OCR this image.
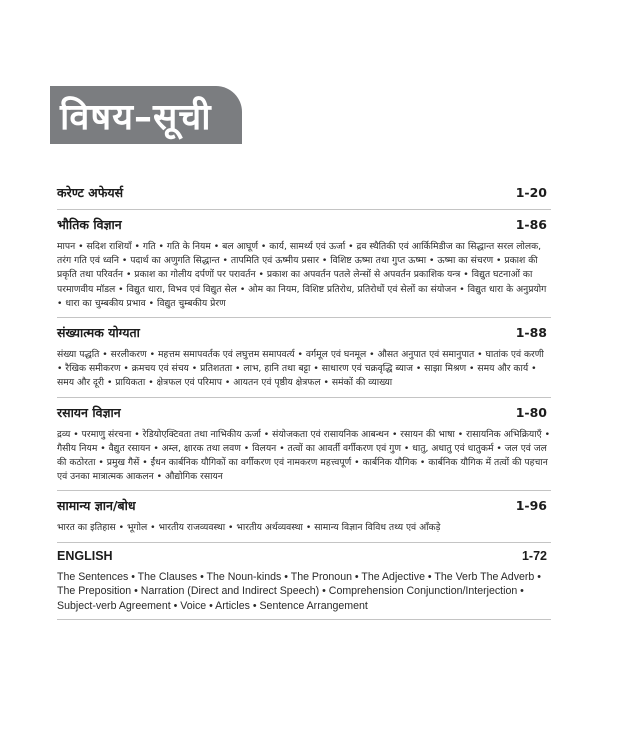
विषय–सूची
करेण्ट अफेयर्स	1-20
भौतिक विज्ञान	1-86
मापन • सदिश राशियाँ • गति • गति के नियम • बल आघूर्ण • कार्य, सामर्थ्य एवं ऊर्जा • द्रव स्थैतिकी एवं आर्किमिडीज का सिद्धान्त सरल लोलक, तरंग गति एवं ध्वनि • पदार्थ का अणुगति सिद्धान्त • तापमिति एवं ऊष्मीय प्रसार • विशिष्ट ऊष्मा तथा गुप्त ऊष्मा • ऊष्मा का संचरण • प्रकाश की प्रकृति तथा परिवर्तन • प्रकाश का गोलीय दर्पणों पर परावर्तन • प्रकाश का अपवर्तन पतले लेन्सों से अपवर्तन प्रकाशिक यन्त्र • विद्युत घटनाओं का परमाणवीय मॉडल • विद्युत धारा, विभव एवं विद्युत सेल • ओम का नियम, विशिष्ट प्रतिरोध, प्रतिरोधों एवं सेलों का संयोजन • विद्युत धारा के अनुप्रयोग • धारा का चुम्बकीय प्रभाव • विद्युत चुम्बकीय प्रेरण
संख्यात्मक योग्यता	1-88
संख्या पद्धति • सरलीकरण • महत्तम समापवर्तक एवं लघुत्तम समापवर्त्य • वर्गमूल एवं घनमूल • औसत अनुपात एवं समानुपात • घातांक एवं करणी • रैखिक समीकरण • क्रमचय एवं संचय • प्रतिशतता • लाभ, हानि तथा बट्टा • साधारण एवं चक्रवृद्धि ब्याज • साझा मिश्रण • समय और कार्य • समय और दूरी • प्रायिकता • क्षेत्रफल एवं परिमाप • आयतन एवं पृष्ठीय क्षेत्रफल • समंकों की व्याख्या
रसायन विज्ञान	1-80
द्रव्य • परमाणु संरचना • रेडियोएक्टिवता तथा नाभिकीय ऊर्जा • संयोजकता एवं रासायनिक आबन्धन • रसायन की भाषा • रासायनिक अभिक्रियाएँ • गैसीय नियम • वैद्युत रसायन • अम्ल, क्षारक तथा लवण • विलयन • तत्वों का आवर्ती वर्गीकरण एवं गुण • धातु, अधातु एवं धातुकर्म • जल एवं जल की कठोरता • प्रमुख गैसें • ईंधन कार्बनिक यौगिकों का वर्गीकरण एवं नामकरण महत्त्वपूर्ण • कार्बनिक यौगिक • कार्बनिक यौगिक में तत्वों की पहचान एवं उनका मात्रात्मक आकलन • औद्योगिक रसायन
सामान्य ज्ञान/बोध	1-96
भारत का इतिहास • भूगोल • भारतीय राजव्यवस्था • भारतीय अर्थव्यवस्था • सामान्य विज्ञान विविध तथ्य एवं आँकड़े
ENGLISH	1-72
The Sentences • The Clauses • The Noun-kinds • The Pronoun • The Adjective • The Verb The Adverb • The Preposition • Narration (Direct and Indirect Speech) • Comprehension Conjunction/Interjection • Subject-verb Agreement • Voice • Articles • Sentence Arrangement
